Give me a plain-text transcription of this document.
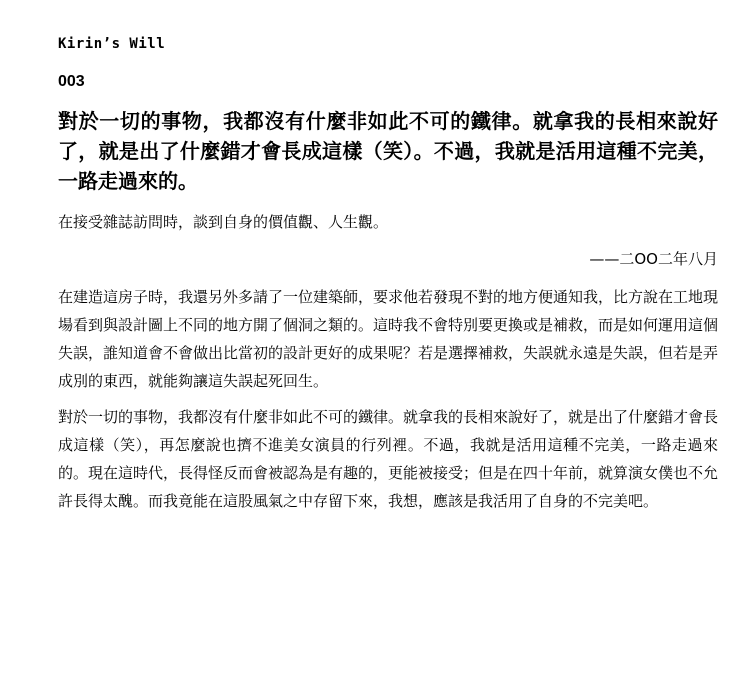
Kirin’s Will
003

對於一切的事物，我都沒有什麼非如此不可的鐵律。就拿我的長相來說好了，就是出了什麼錯才會長成這樣（笑）。不過，我就是活用這種不完美，一路走過來的。

在接受雜誌訪問時，談到自身的價值觀、人生觀。

——二OO二年八月

在建造這房子時，我還另外多請了一位建築師，要求他若發現不對的地方便通知我，比方說在工地現場看到與設計圖上不同的地方開了個洞之類的。這時我不會特別要更換或是補救，而是如何運用這個失誤，誰知道會不會做出比當初的設計更好的成果呢？若是選擇補救，失誤就永遠是失誤，但若是弄成別的東西，就能夠讓這失誤起死回生。

對於一切的事物，我都沒有什麼非如此不可的鐵律。就拿我的長相來說好了，就是出了什麼錯才會長成這樣（笑），再怎麼說也擠不進美女演員的行列裡。不過，我就是活用這種不完美，一路走過來的。現在這時代，長得怪反而會被認為是有趣的，更能被接受；但是在四十年前，就算演女僕也不允許長得太醜。而我竟能在這股風氣之中存留下來，我想，應該是我活用了自身的不完美吧。
